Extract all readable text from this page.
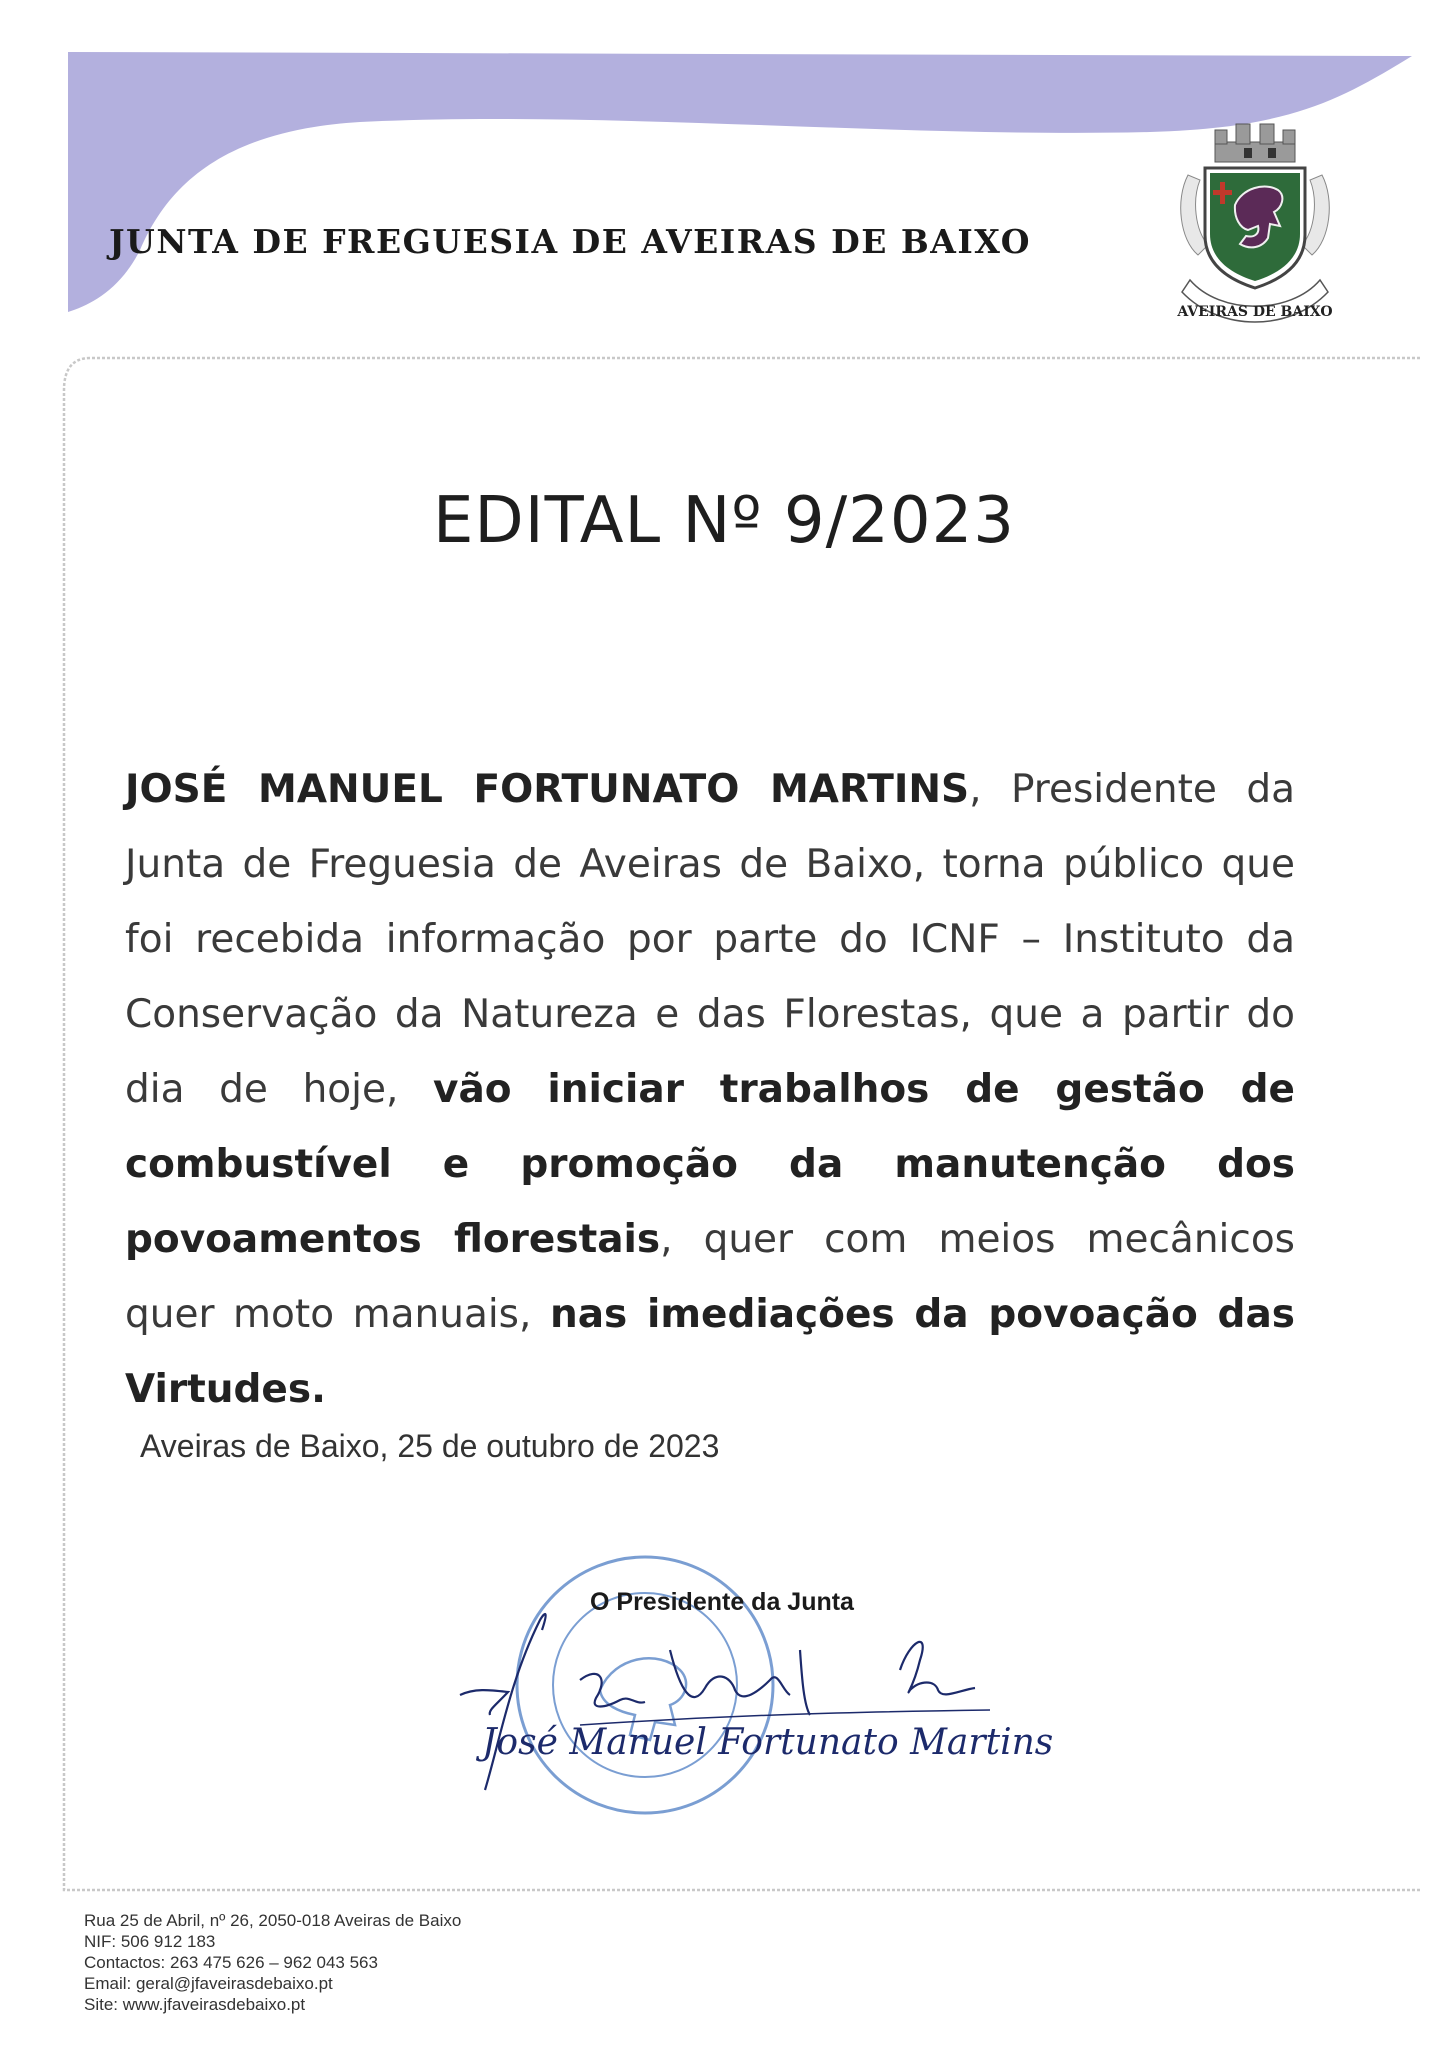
JUNTA DE FREGUESIA DE AVEIRAS DE BAIXO
AVEIRAS DE BAIXO
EDITAL Nº 9/2023

JOSÉ MANUEL FORTUNATO MARTINS, Presidente da Junta de Freguesia de Aveiras de Baixo, torna público que foi recebida informação por parte do ICNF – Instituto da Conservação da Natureza e das Florestas, que a partir do dia de hoje, vão iniciar trabalhos de gestão de combustível e promoção da manutenção dos povoamentos florestais, quer com meios mecânicos quer moto manuais, nas imediações da povoação das Virtudes.

Aveiras de Baixo, 25 de outubro de 2023
O Presidente da Junta
José Manuel Fortunato Martins
Rua 25 de Abril, nº 26, 2050-018 Aveiras de Baixo
NIF: 506 912 183
Contactos: 263 475 626 – 962 043 563
Email: geral@jfaveirasdebaixo.pt
Site: www.jfaveirasdebaixo.pt
